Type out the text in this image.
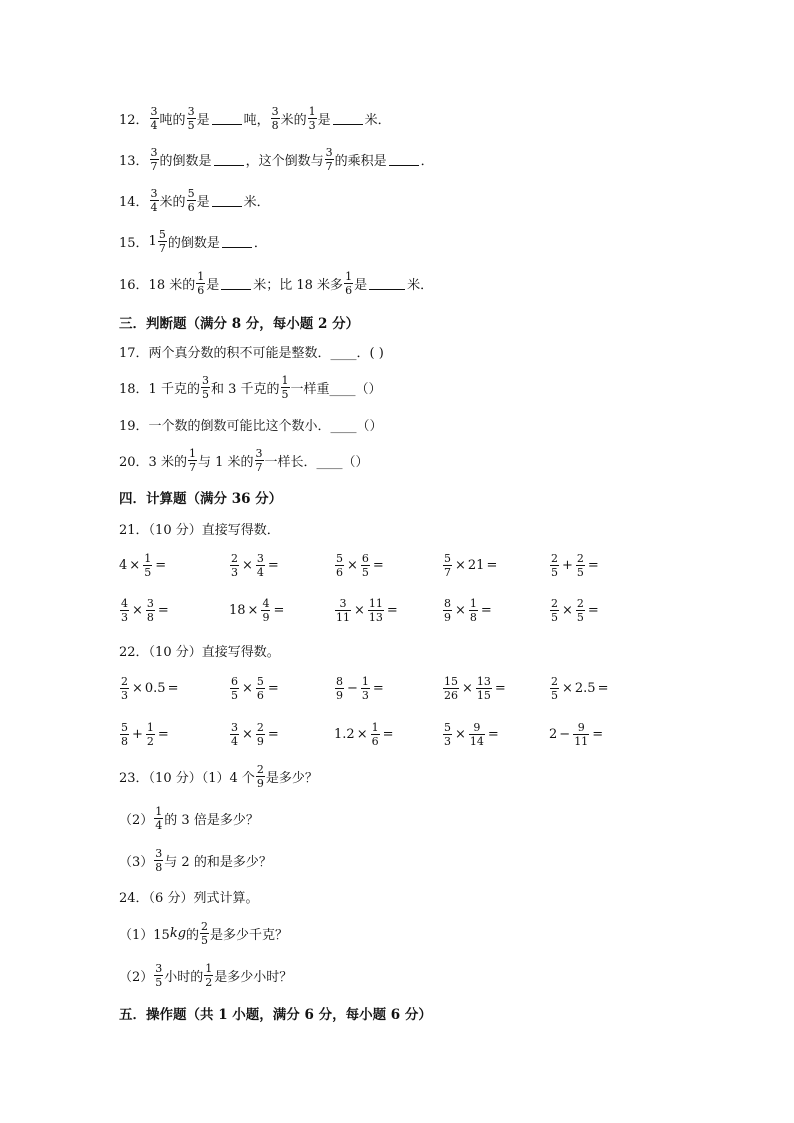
12． $\frac{3}{4}$ 吨的 $\frac{3}{5}$ 是	吨， $\frac{3}{8}$ 米的 $\frac{1}{3}$ 是	米．
13． $\frac{3}{7}$ 的倒数是	，这个倒数与 $\frac{3}{7}$ 的乘积是	．
14． $\frac{3}{4}$ 米的 $\frac{5}{6}$ 是	米．
15． $1 \frac{5}{7}$ 的倒数是	．
16． 18 米的 $\frac{1}{6}$ 是	米；比 18 米多 $\frac{1}{6}$ 是	米．
三．判断题（满分 8 分，每小题 2 分）
17．两个真分数的积不可能是整数．____．( )
18． 1 千克的 $\frac{3}{5}$ 和 3 千克的 $\frac{1}{5}$ 一样重____（）
19．一个数的倒数可能比这个数小．____（）
20． 3 米的 $\frac{1}{7}$ 与 1 米的 $\frac{3}{7}$ 一样长．____（）
四．计算题（满分 36 分）
21．（10 分）直接写得数．
$4 \times \frac{1}{5}$ =	$\frac{2}{3} \times \frac{3}{4}$ =	$\frac{5}{6} \times \frac{6}{5}$ =	$\frac{5}{7} \times 21$ =	$\frac{2}{5} + \frac{2}{5}$ =
$\frac{4}{3} \times \frac{3}{8}$ =	$18 \times \frac{4}{9}$ =	$\frac{3}{11} \times \frac{11}{13}$ =	$\frac{8}{9} \times \frac{1}{8}$ =	$\frac{2}{5} \times \frac{2}{5}$ =
22．（10 分）直接写得数。
$\frac{2}{3} \times 0.5$ =	$\frac{6}{5} \times \frac{5}{6}$ =	$\frac{8}{9} - \frac{1}{3}$ =	$\frac{15}{26} \times \frac{13}{15}$ =	$\frac{2}{5} \times 2.5$ =
$\frac{5}{8} + \frac{1}{2}$ =	$\frac{3}{4} \times \frac{2}{9}$ =	$1.2 \times \frac{1}{6}$ =	$\frac{5}{3} \times \frac{9}{14}$ =	$2 - \frac{9}{11}$ =
23．（10 分）（1）4 个 $\frac{2}{9}$ 是多少？
$(2) \frac{1}{4}$ 的 3 倍是多少？
$(3) \frac{3}{8}$ 与 2 的和是多少？
24．（6 分）列式计算。
（1）15 kg 的 $\frac{2}{5}$ 是多少千克？
$(2) \frac{3}{5}$ 小时的 $\frac{1}{2}$ 是多少小时？
五．操作题（共 1 小题，满分 6 分，每小题 6 分）
